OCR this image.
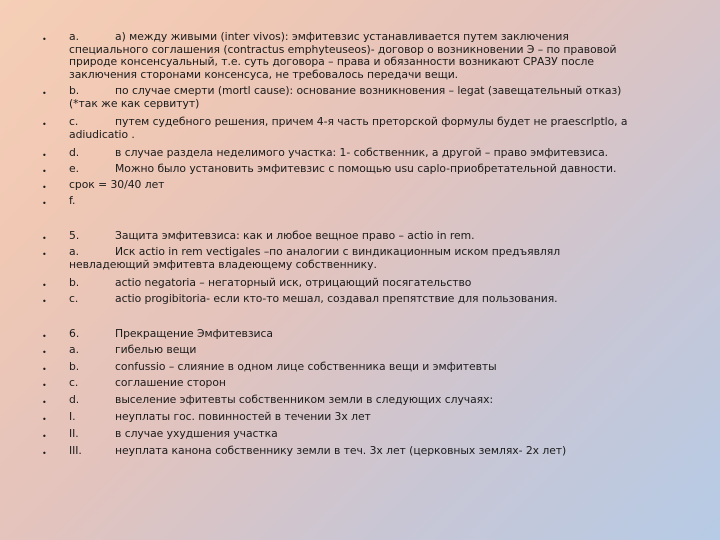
•
•
•
•
•
•
•
a.	а) между живыми (inter vivos): эмфитевзис устанавливается путем заключения
специального соглашения (contractus emphyteuseos)- договор о возникновении Э – по правовой
природе консенсуальный, т.е. суть договора – права и обязанности возникают СРАЗУ после
заключения сторонами консенсуса, не требовалось передачи вещи.
b.	по случае смерти (mortl cause): основание возникновения – legat (завещательный отказ)
(*так же как сервитут)
c.	путем судебного решения, причем 4-я часть преторской формулы будет не praescrlptlo, а
adiudicatio .
d.	в случае раздела неделимого участка: 1- собственник, а другой – право эмфитевзиса.
e.	Можно было установить эмфитевзис с помощью usu caplo-приобретательной давности.
срок = 30/40 лет
f.
•
•
•
•
5.	Защита эмфитевзиса: как и любое вещное право – actio in rem.
a.	Иск actio in rem vectigales –по аналогии с виндикационным иском предъявлял
невладеющий эмфитевта владеющему собственнику.
b.	actio negatoria – негаторный иск, отрицающий посягательство
c.	actio progibitoria- если кто-то мешал, создавал препятствие для пользования.
•
•
•
•
•
•
•
•
6.	Прекращение Эмфитевзиса
a.	гибелью вещи
b.	confussio – слияние в одном лице собственника вещи и эмфитевты
c.	соглашение сторон
d.	выселение эфитевты собственником земли в следующих случаях:
I.	неуплаты гос. повинностей в течении 3х лет
II.	в случае ухудшения участка
III.	неуплата канона собственнику земли в теч. 3х лет (церковных земляx- 2х лет)
